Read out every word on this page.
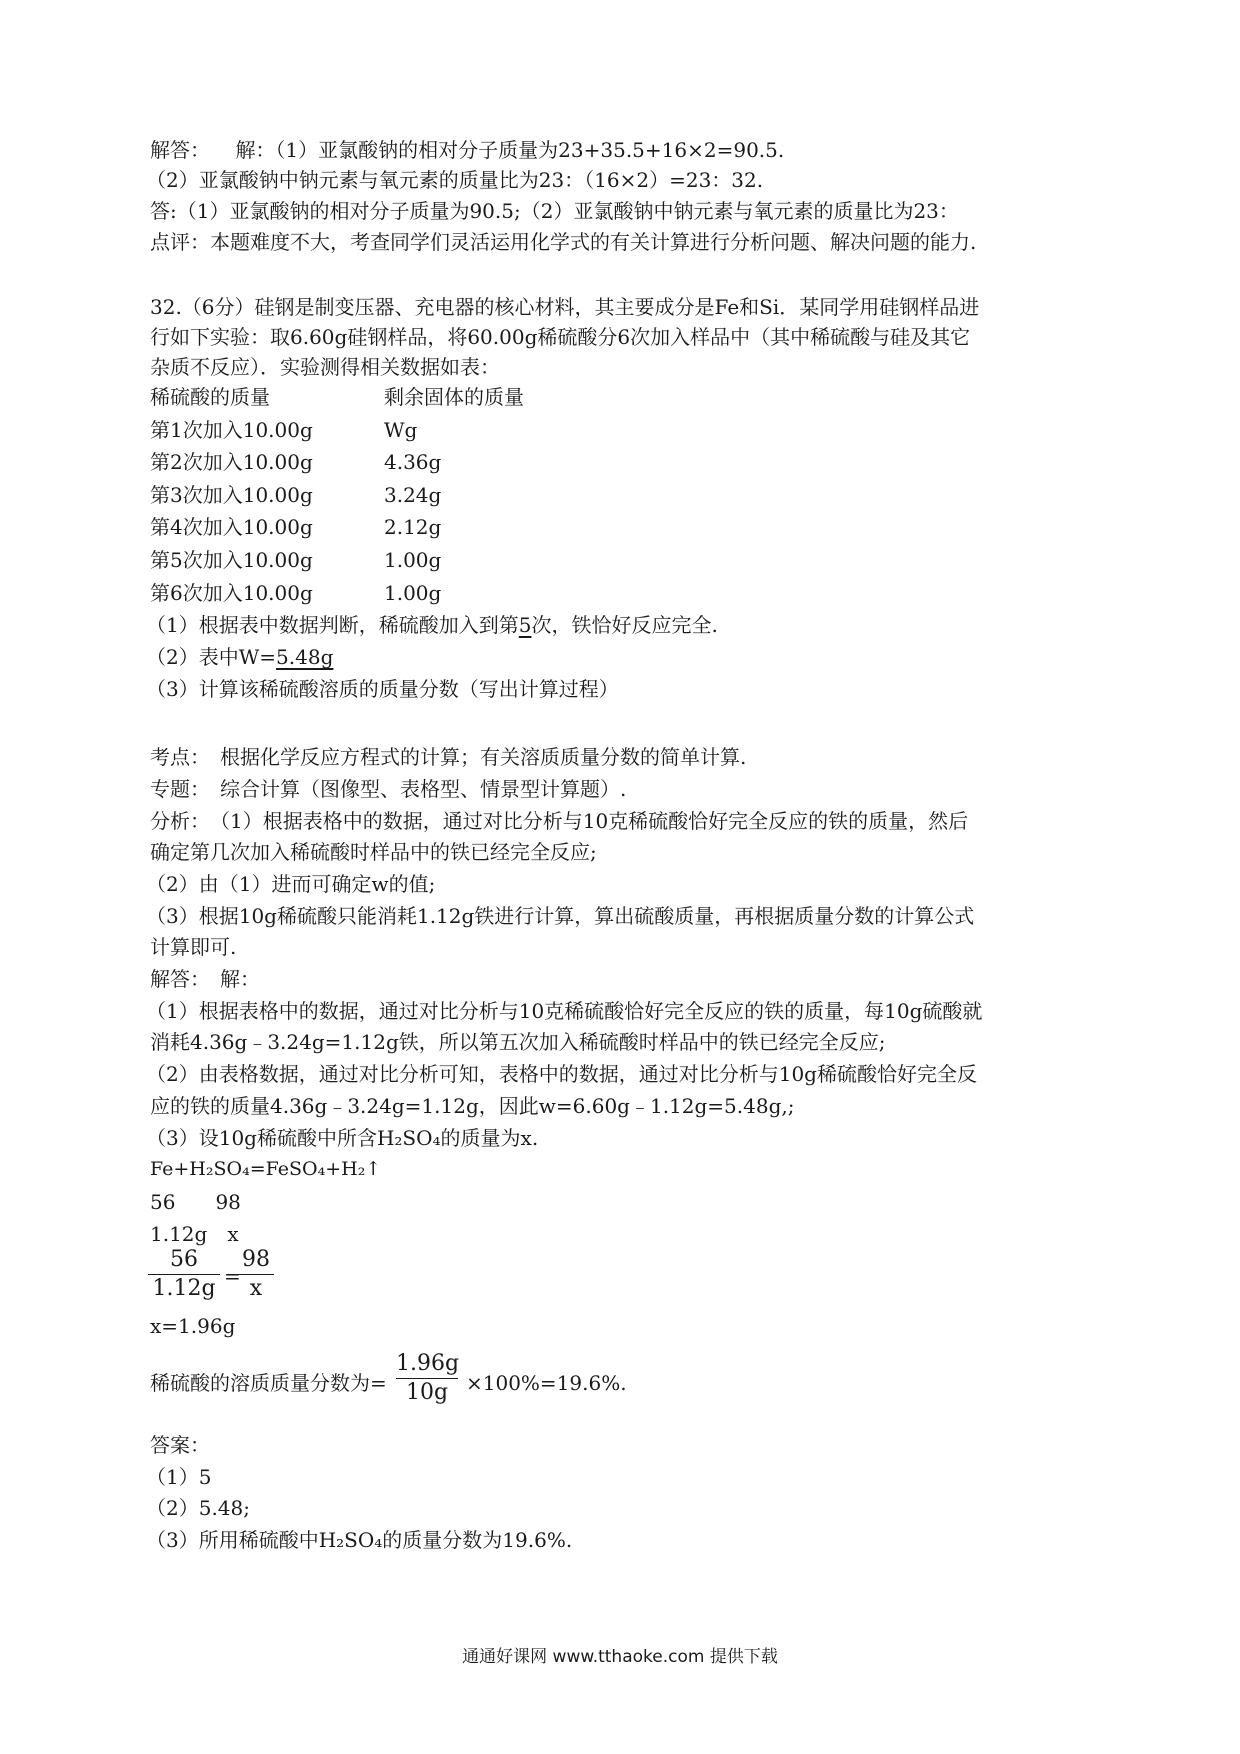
解答： 解：（1）亚氯酸钠的相对分子质量为23+35.5+16×2=90.5.
（2）亚氯酸钠中钠元素与氧元素的质量比为23：（16×2）=23：32.
答:（1）亚氯酸钠的相对分子质量为90.5;（2）亚氯酸钠中钠元素与氧元素的质量比为23：
点评：本题难度不大，考查同学们灵活运用化学式的有关计算进行分析问题、解决问题的能力.
32.（6分）硅钢是制变压器、充电器的核心材料，其主要成分是Fe和Si．某同学用硅钢样品进
行如下实验：取6.60g硅钢样品，将60.00g稀硫酸分6次加入样品中（其中稀硫酸与硅及其它
杂质不反应）．实验测得相关数据如表：
稀硫酸的质量	剩余固体的质量
第1次加入10.00g	Wg
第2次加入10.00g	4.36g
第3次加入10.00g	3.24g
第4次加入10.00g	2.12g
第5次加入10.00g	1.00g
第6次加入10.00g	1.00g
（1）根据表中数据判断，稀硫酸加入到第5次，铁恰好反应完全.
（2）表中W=5.48g
（3）计算该稀硫酸溶质的质量分数（写出计算过程）
考点：　根据化学反应方程式的计算；有关溶质质量分数的简单计算.
专题：　综合计算（图像型、表格型、情景型计算题）.
分析：　（1）根据表格中的数据，通过对比分析与10克稀硫酸恰好完全反应的铁的质量，然后
确定第几次加入稀硫酸时样品中的铁已经完全反应;
（2）由（1）进而可确定w的值;
（3）根据10g稀硫酸只能消耗1.12g铁进行计算，算出硫酸质量，再根据质量分数的计算公式
计算即可.
解答：　解：
（1）根据表格中的数据，通过对比分析与10克稀硫酸恰好完全反应的铁的质量，每10g硫酸就
消耗4.36g﹣3.24g=1.12g铁，所以第五次加入稀硫酸时样品中的铁已经完全反应;
（2）由表格数据，通过对比分析可知，表格中的数据，通过对比分析与10g稀硫酸恰好完全反
应的铁的质量4.36g﹣3.24g=1.12g，因此w=6.60g﹣1.12g=5.48g,;
（3）设10g稀硫酸中所含H₂SO₄的质量为x.
Fe+H₂SO₄=FeSO₄+H₂↑
56　　98
1.12g　x
56
1.12g =
98
x
x=1.96g
稀硫酸的溶质质量分数为=
1.96g
10g ×100%=19.6%.
答案：
（1）5
（2）5.48;
（3）所用稀硫酸中H₂SO₄的质量分数为19.6%.
通通好课网 www.tthaoke.com 提供下载
